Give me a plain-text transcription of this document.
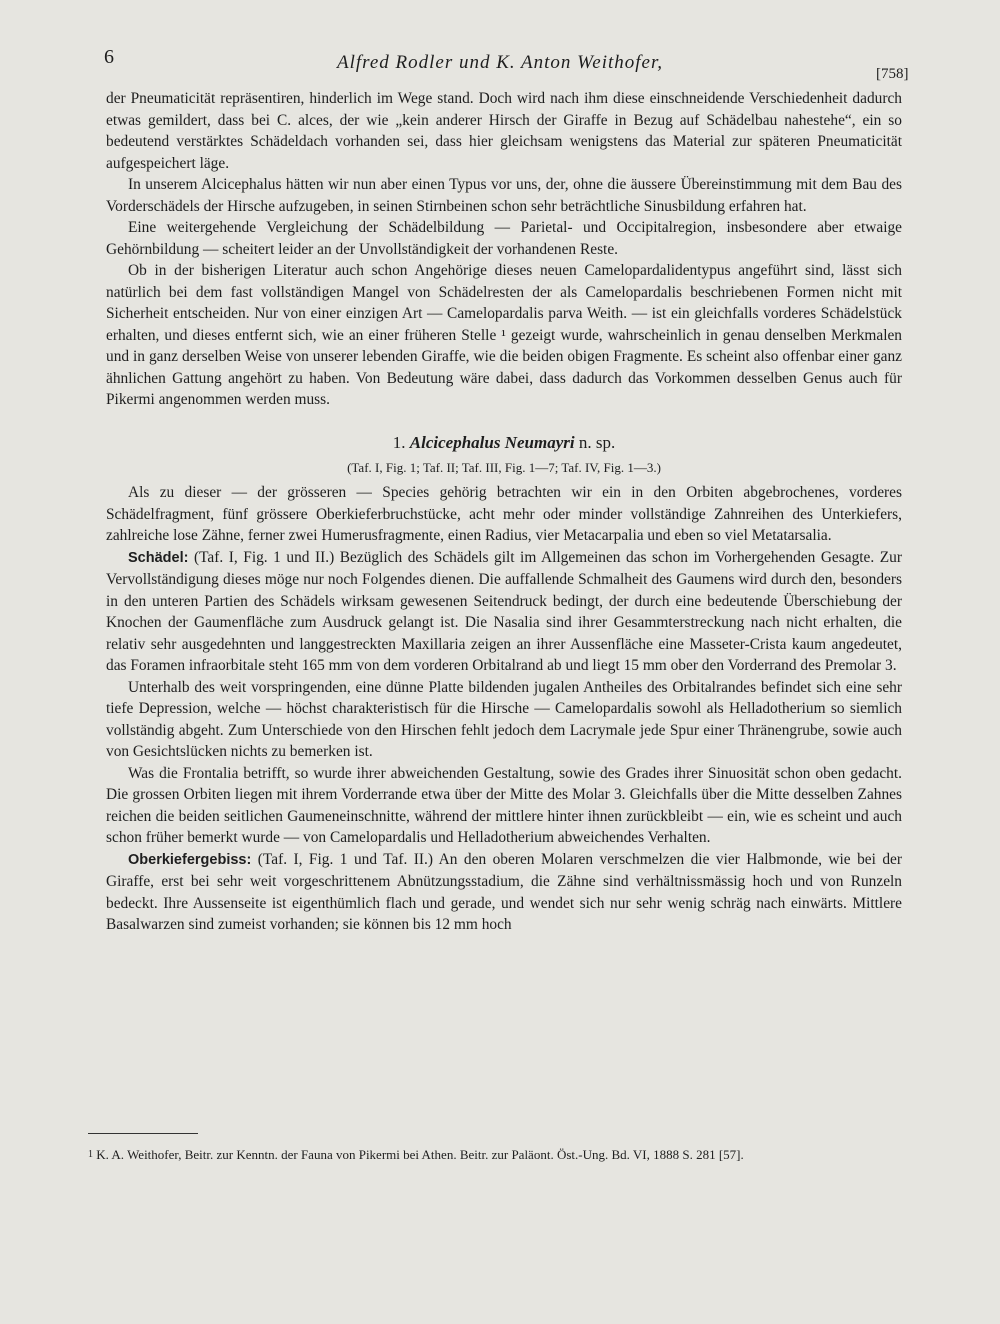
6	Alfred Rodler und K. Anton Weithofer,
[758]

der Pneumaticität repräsentiren, hinderlich im Wege stand. Doch wird nach ihm diese einschneidende Verschiedenheit dadurch etwas gemildert, dass bei C. alces, der wie „kein anderer Hirsch der Giraffe in Bezug auf Schädelbau nahestehe“, ein so bedeutend verstärktes Schädeldach vorhanden sei, dass hier gleichsam wenigstens das Material zur späteren Pneumaticität aufgespeichert läge.

In unserem Alcicephalus hätten wir nun aber einen Typus vor uns, der, ohne die äussere Übereinstimmung mit dem Bau des Vorderschädels der Hirsche aufzugeben, in seinen Stirnbeinen schon sehr beträchtliche Sinusbildung erfahren hat.

Eine weitergehende Vergleichung der Schädelbildung — Parietal- und Occipitalregion, insbesondere aber etwaige Gehörnbildung — scheitert leider an der Unvollständigkeit der vorhandenen Reste.

Ob in der bisherigen Literatur auch schon Angehörige dieses neuen Camelopardalidentypus angeführt sind, lässt sich natürlich bei dem fast vollständigen Mangel von Schädelresten der als Camelopardalis beschriebenen Formen nicht mit Sicherheit entscheiden. Nur von einer einzigen Art — Camelopardalis parva Weith. — ist ein gleichfalls vorderes Schädelstück erhalten, und dieses entfernt sich, wie an einer früheren Stelle ¹ gezeigt wurde, wahrscheinlich in genau denselben Merkmalen und in ganz derselben Weise von unserer lebenden Giraffe, wie die beiden obigen Fragmente. Es scheint also offenbar einer ganz ähnlichen Gattung angehört zu haben. Von Bedeutung wäre dabei, dass dadurch das Vorkommen desselben Genus auch für Pikermi angenommen werden muss.

1. Alcicephalus Neumayri n. sp.
(Taf. I, Fig. 1; Taf. II; Taf. III, Fig. 1—7; Taf. IV, Fig. 1—3.)

Als zu dieser — der grösseren — Species gehörig betrachten wir ein in den Orbiten abgebrochenes, vorderes Schädelfragment, fünf grössere Oberkieferbruchstücke, acht mehr oder minder vollständige Zahnreihen des Unterkiefers, zahlreiche lose Zähne, ferner zwei Humerusfragmente, einen Radius, vier Metacarpalia und eben so viel Metatarsalia.

Schädel: (Taf. I, Fig. 1 und II.) Bezüglich des Schädels gilt im Allgemeinen das schon im Vorhergehenden Gesagte. Zur Vervollständigung dieses möge nur noch Folgendes dienen. Die auffallende Schmalheit des Gaumens wird durch den, besonders in den unteren Partien des Schädels wirksam gewesenen Seitendruck bedingt, der durch eine bedeutende Überschiebung der Knochen der Gaumenfläche zum Ausdruck gelangt ist. Die Nasalia sind ihrer Gesammterstreckung nach nicht erhalten, die relativ sehr ausgedehnten und langgestreckten Maxillaria zeigen an ihrer Aussenfläche eine Masseter-Crista kaum angedeutet, das Foramen infraorbitale steht 165 mm von dem vorderen Orbitalrand ab und liegt 15 mm ober den Vorderrand des Premolar 3.

Unterhalb des weit vorspringenden, eine dünne Platte bildenden jugalen Antheiles des Orbitalrandes befindet sich eine sehr tiefe Depression, welche — höchst charakteristisch für die Hirsche — Camelopardalis sowohl als Helladotherium so siemlich vollständig abgeht. Zum Unterschiede von den Hirschen fehlt jedoch dem Lacrymale jede Spur einer Thränengrube, sowie auch von Gesichtslücken nichts zu bemerken ist.

Was die Frontalia betrifft, so wurde ihrer abweichenden Gestaltung, sowie des Grades ihrer Sinuosität schon oben gedacht. Die grossen Orbiten liegen mit ihrem Vorderrande etwa über der Mitte des Molar 3. Gleichfalls über die Mitte desselben Zahnes reichen die beiden seitlichen Gaumeneinschnitte, während der mittlere hinter ihnen zurückbleibt — ein, wie es scheint und auch schon früher bemerkt wurde — von Camelopardalis und Helladotherium abweichendes Verhalten.

Oberkiefergebiss: (Taf. I, Fig. 1 und Taf. II.) An den oberen Molaren verschmelzen die vier Halbmonde, wie bei der Giraffe, erst bei sehr weit vorgeschrittenem Abnützungsstadium, die Zähne sind verhältnissmässig hoch und von Runzeln bedeckt. Ihre Aussenseite ist eigenthümlich flach und gerade, und wendet sich nur sehr wenig schräg nach einwärts. Mittlere Basalwarzen sind zumeist vorhanden; sie können bis 12 mm hoch

$^1$ K. A. Weithofer, Beitr. zur Kenntn. der Fauna von Pikermi bei Athen. Beitr. zur Paläont. Öst.-Ung. Bd. VI, 1888 S. 281 [57].
